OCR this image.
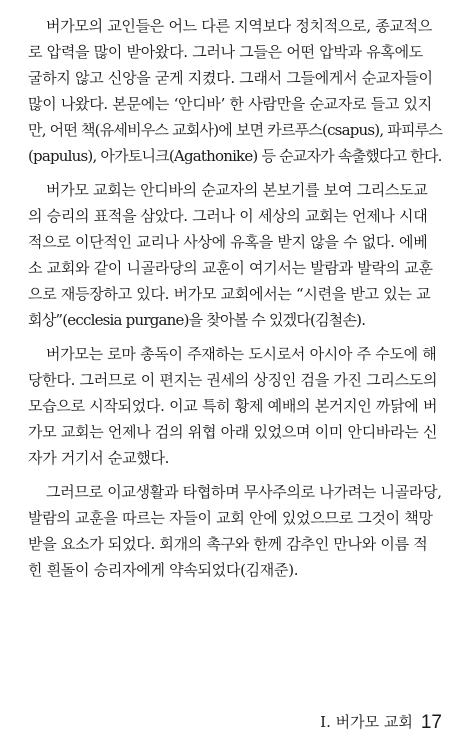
버가모의 교인들은 어느 다른 지역보다 정치적으로, 종교적으

로 압력을 많이 받아왔다. 그러나 그들은 어떤 압박과 유혹에도

굴하지 않고 신앙을 굳게 지켰다. 그래서 그들에게서 순교자들이

많이 나왔다. 본문에는 ‘안디바’ 한 사람만을 순교자로 들고 있지

만, 어떤 책(유세비우스 교회사)에 보면 카르푸스(csapus), 파피루스

(papulus), 아가토니크(Agathonike) 등 순교자가 속출했다고 한다.

버가모 교회는 안디바의 순교자의 본보기를 보여 그리스도교

의 승리의 표적을 삼았다. 그러나 이 세상의 교회는 언제나 시대

적으로 이단적인 교리나 사상에 유혹을 받지 않을 수 없다. 에베

소 교회와 같이 니골라당의 교훈이 여기서는 발람과 발락의 교훈

으로 재등장하고 있다. 버가모 교회에서는 “시련을 받고 있는 교

회상”(ecclesia purgane)을 찾아볼 수 있겠다(김철손).

버가모는 로마 총독이 주재하는 도시로서 아시아 주 수도에 해

당한다. 그러므로 이 편지는 권세의 상징인 검을 가진 그리스도의

모습으로 시작되었다. 이교 특히 황제 예배의 본거지인 까닭에 버

가모 교회는 언제나 검의 위협 아래 있었으며 이미 안디바라는 신

자가 거기서 순교했다.

그러므로 이교생활과 타협하며 무사주의로 나가려는 니골라당,

발람의 교훈을 따르는 자들이 교회 안에 있었으므로 그것이 책망

받을 요소가 되었다. 회개의 촉구와 한께 감추인 만나와 이름 적

힌 흰돌이 승리자에게 약속되었다(김재준).

Ⅰ. 버가모 교회 17
